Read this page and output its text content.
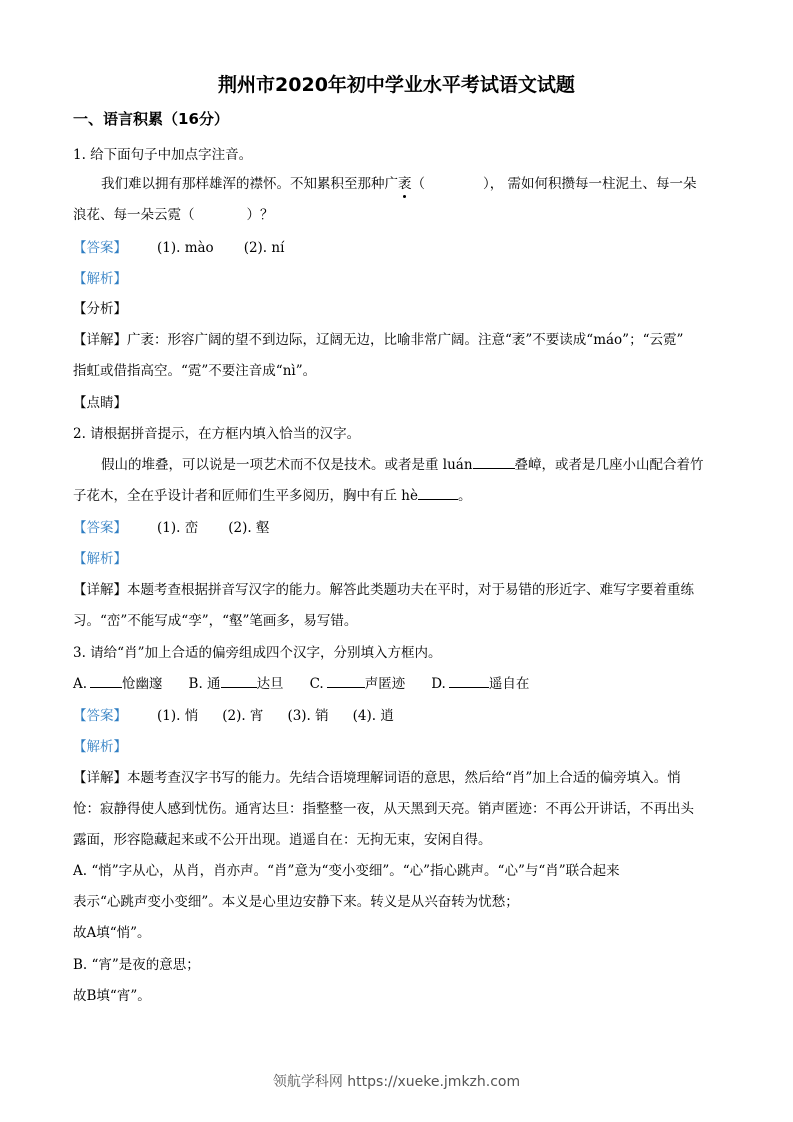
荆州市2020年初中学业水平考试语文试题
一、语言积累（16分）
1. 给下面句子中加点字注音。
我们难以拥有那样雄浑的襟怀。不知累积至那种广袤（	）， 需如何积攒每一柱泥土、每一朵
浪花、每一朵云霓（	）？
【答案】 (1). mào (2). ní
【解析】
【分析】
【详解】广袤：形容广阔的望不到边际，辽阔无边，比喻非常广阔。注意“袤”不要读成“máo”；“云霓”
指虹或借指高空。“霓”不要注音成“nì”。
【点睛】
2. 请根据拼音提示，在方框内填入恰当的汉字。
假山的堆叠，可以说是一项艺术而不仅是技术。或者是重 luán	叠嶂，或者是几座小山配合着竹
子花木，全在乎设计者和匠师们生平多阅历，胸中有丘 hè	。
【答案】 (1). 峦 (2). 壑
【解析】
【详解】本题考查根据拼音写汉字的能力。解答此类题功夫在平时，对于易错的形近字、难写字要着重练
习。“峦”不能写成“孪”，“壑”笔画多，易写错。
3. 请给“肖”加上合适的偏旁组成四个汉字，分别填入方框内。
A.	怆幽邃 B. 通	达旦 C.	声匿迹 D.	遥自在
【答案】 (1). 悄 (2). 宵 (3). 销 (4). 逍
【解析】
【详解】本题考查汉字书写的能力。先结合语境理解词语的意思，然后给“肖”加上合适的偏旁填入。悄
怆：寂静得使人感到忧伤。通宵达旦：指整整一夜，从天黑到天亮。销声匿迹：不再公开讲话，不再出头
露面，形容隐藏起来或不公开出现。逍遥自在：无拘无束，安闲自得。
A. “悄”字从心，从肖，肖亦声。“肖”意为“变小变细”。“心”指心跳声。“心”与“肖”联合起来
表示“心跳声变小变细”。本义是心里边安静下来。转义是从兴奋转为忧愁；
故A填“悄”。
B. “宵”是夜的意思；
故B填“宵”。
领航学科网 https://xueke.jmkzh.com
